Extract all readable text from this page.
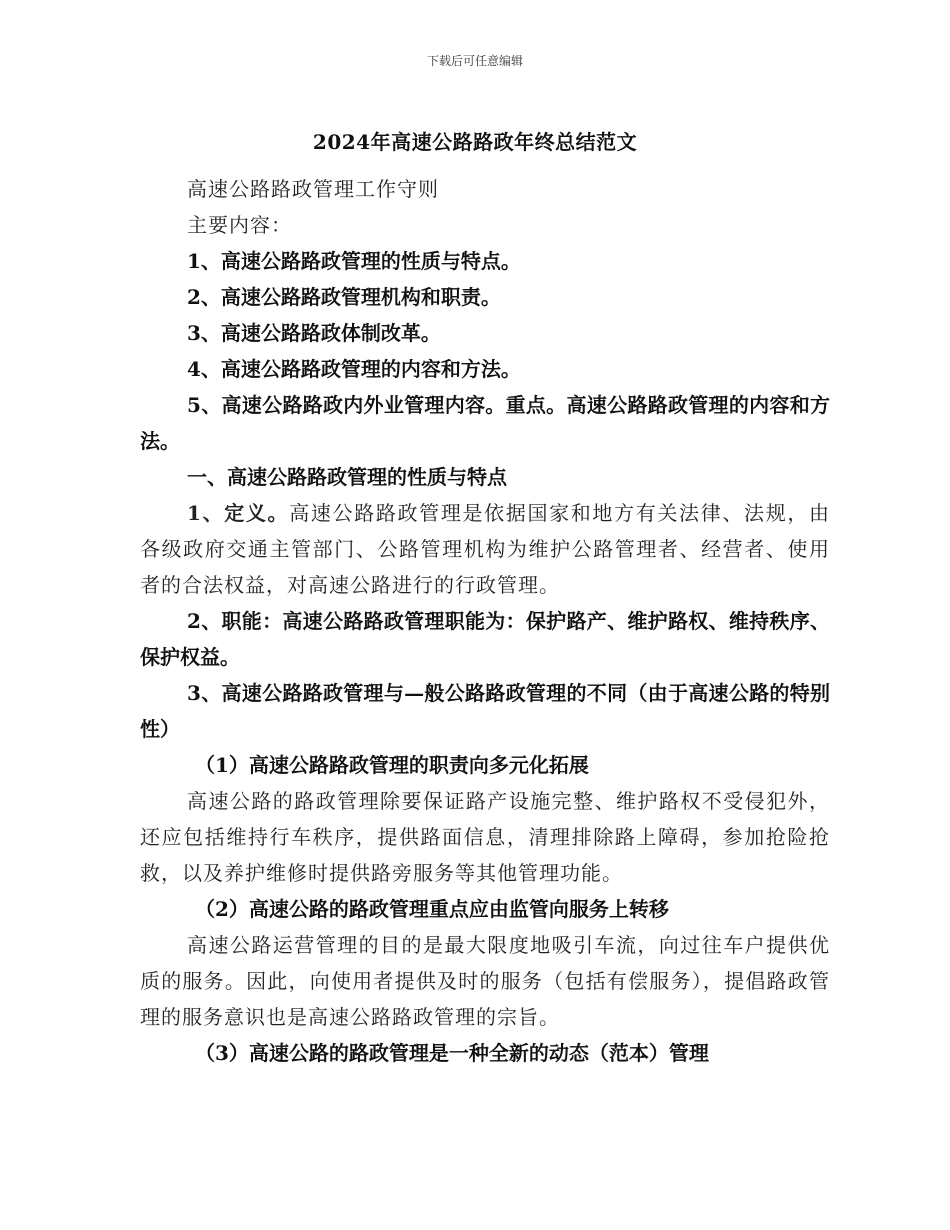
下载后可任意编辑
2024年高速公路路政年终总结范文

高速公路路政管理工作守则

主要内容：

1、高速公路路政管理的性质与特点。

2、高速公路路政管理机构和职责。

3、高速公路路政体制改革。

4、高速公路路政管理的内容和方法。

5、高速公路路政内外业管理内容。重点。高速公路路政管理的内容和方法。

一、高速公路路政管理的性质与特点

1、定义。高速公路路政管理是依据国家和地方有关法律、法规，由各级政府交通主管部门、公路管理机构为维护公路管理者、经营者、使用者的合法权益，对高速公路进行的行政管理。

2、职能：高速公路路政管理职能为：保护路产、维护路权、维持秩序、保护权益。

3、高速公路路政管理与—般公路路政管理的不同（由于高速公路的特别性）

（1）高速公路路政管理的职责向多元化拓展

高速公路的路政管理除要保证路产设施完整、维护路权不受侵犯外，还应包括维持行车秩序，提供路面信息，清理排除路上障碍，参加抢险抢救，以及养护维修时提供路旁服务等其他管理功能。

（2）高速公路的路政管理重点应由监管向服务上转移

高速公路运营管理的目的是最大限度地吸引车流，向过往车户提供优质的服务。因此，向使用者提供及时的服务（包括有偿服务），提倡路政管理的服务意识也是高速公路路政管理的宗旨。

（3）高速公路的路政管理是一种全新的动态（范本）管理
